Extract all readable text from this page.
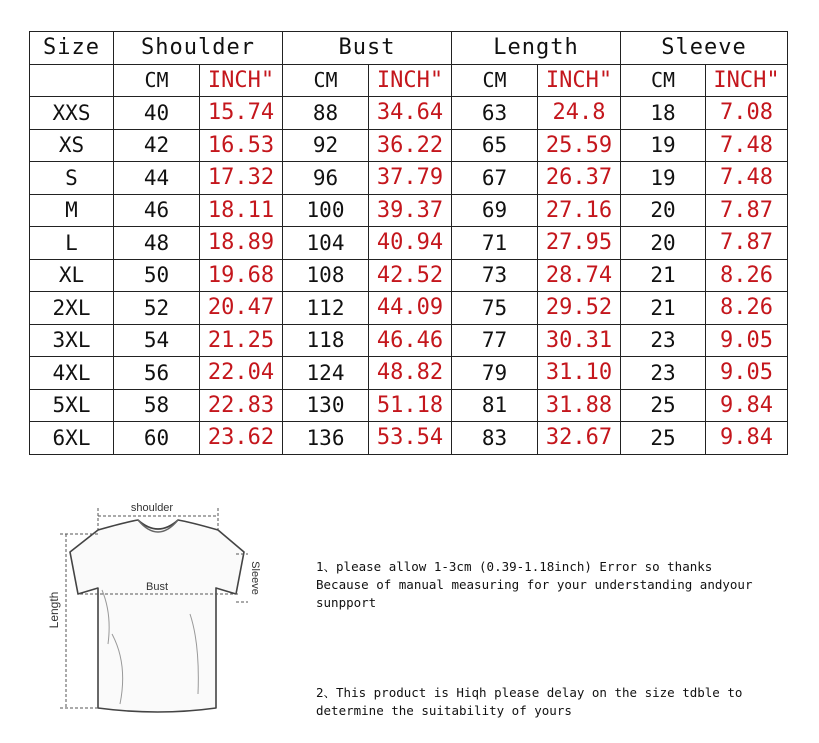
Size	Shoulder		Bust		Length		Sleeve	
	CM	INCH"	CM	INCH"	CM	INCH"	CM	INCH"
XXS	40	15.74	88	34.64	63	24.8	18	7.08
XS	42	16.53	92	36.22	65	25.59	19	7.48
S	44	17.32	96	37.79	67	26.37	19	7.48
M	46	18.11	100	39.37	69	27.16	20	7.87
L	48	18.89	104	40.94	71	27.95	20	7.87
XL	50	19.68	108	42.52	73	28.74	21	8.26
2XL	52	20.47	112	44.09	75	29.52	21	8.26
3XL	54	21.25	118	46.46	77	30.31	23	9.05
4XL	56	22.04	124	48.82	79	31.10	23	9.05
5XL	58	22.83	130	51.18	81	31.88	25	9.84
6XL	60	23.62	136	53.54	83	32.67	25	9.84
shoulder
Bust	Sleeve
Length

1、please allow 1-3cm (0.39-1.18inch) Error so thanks

Because of manual measuring for your understanding andyour

sunpport

2、This product is Hiqh please delay on the size tdble to

determine the suitability of yours
